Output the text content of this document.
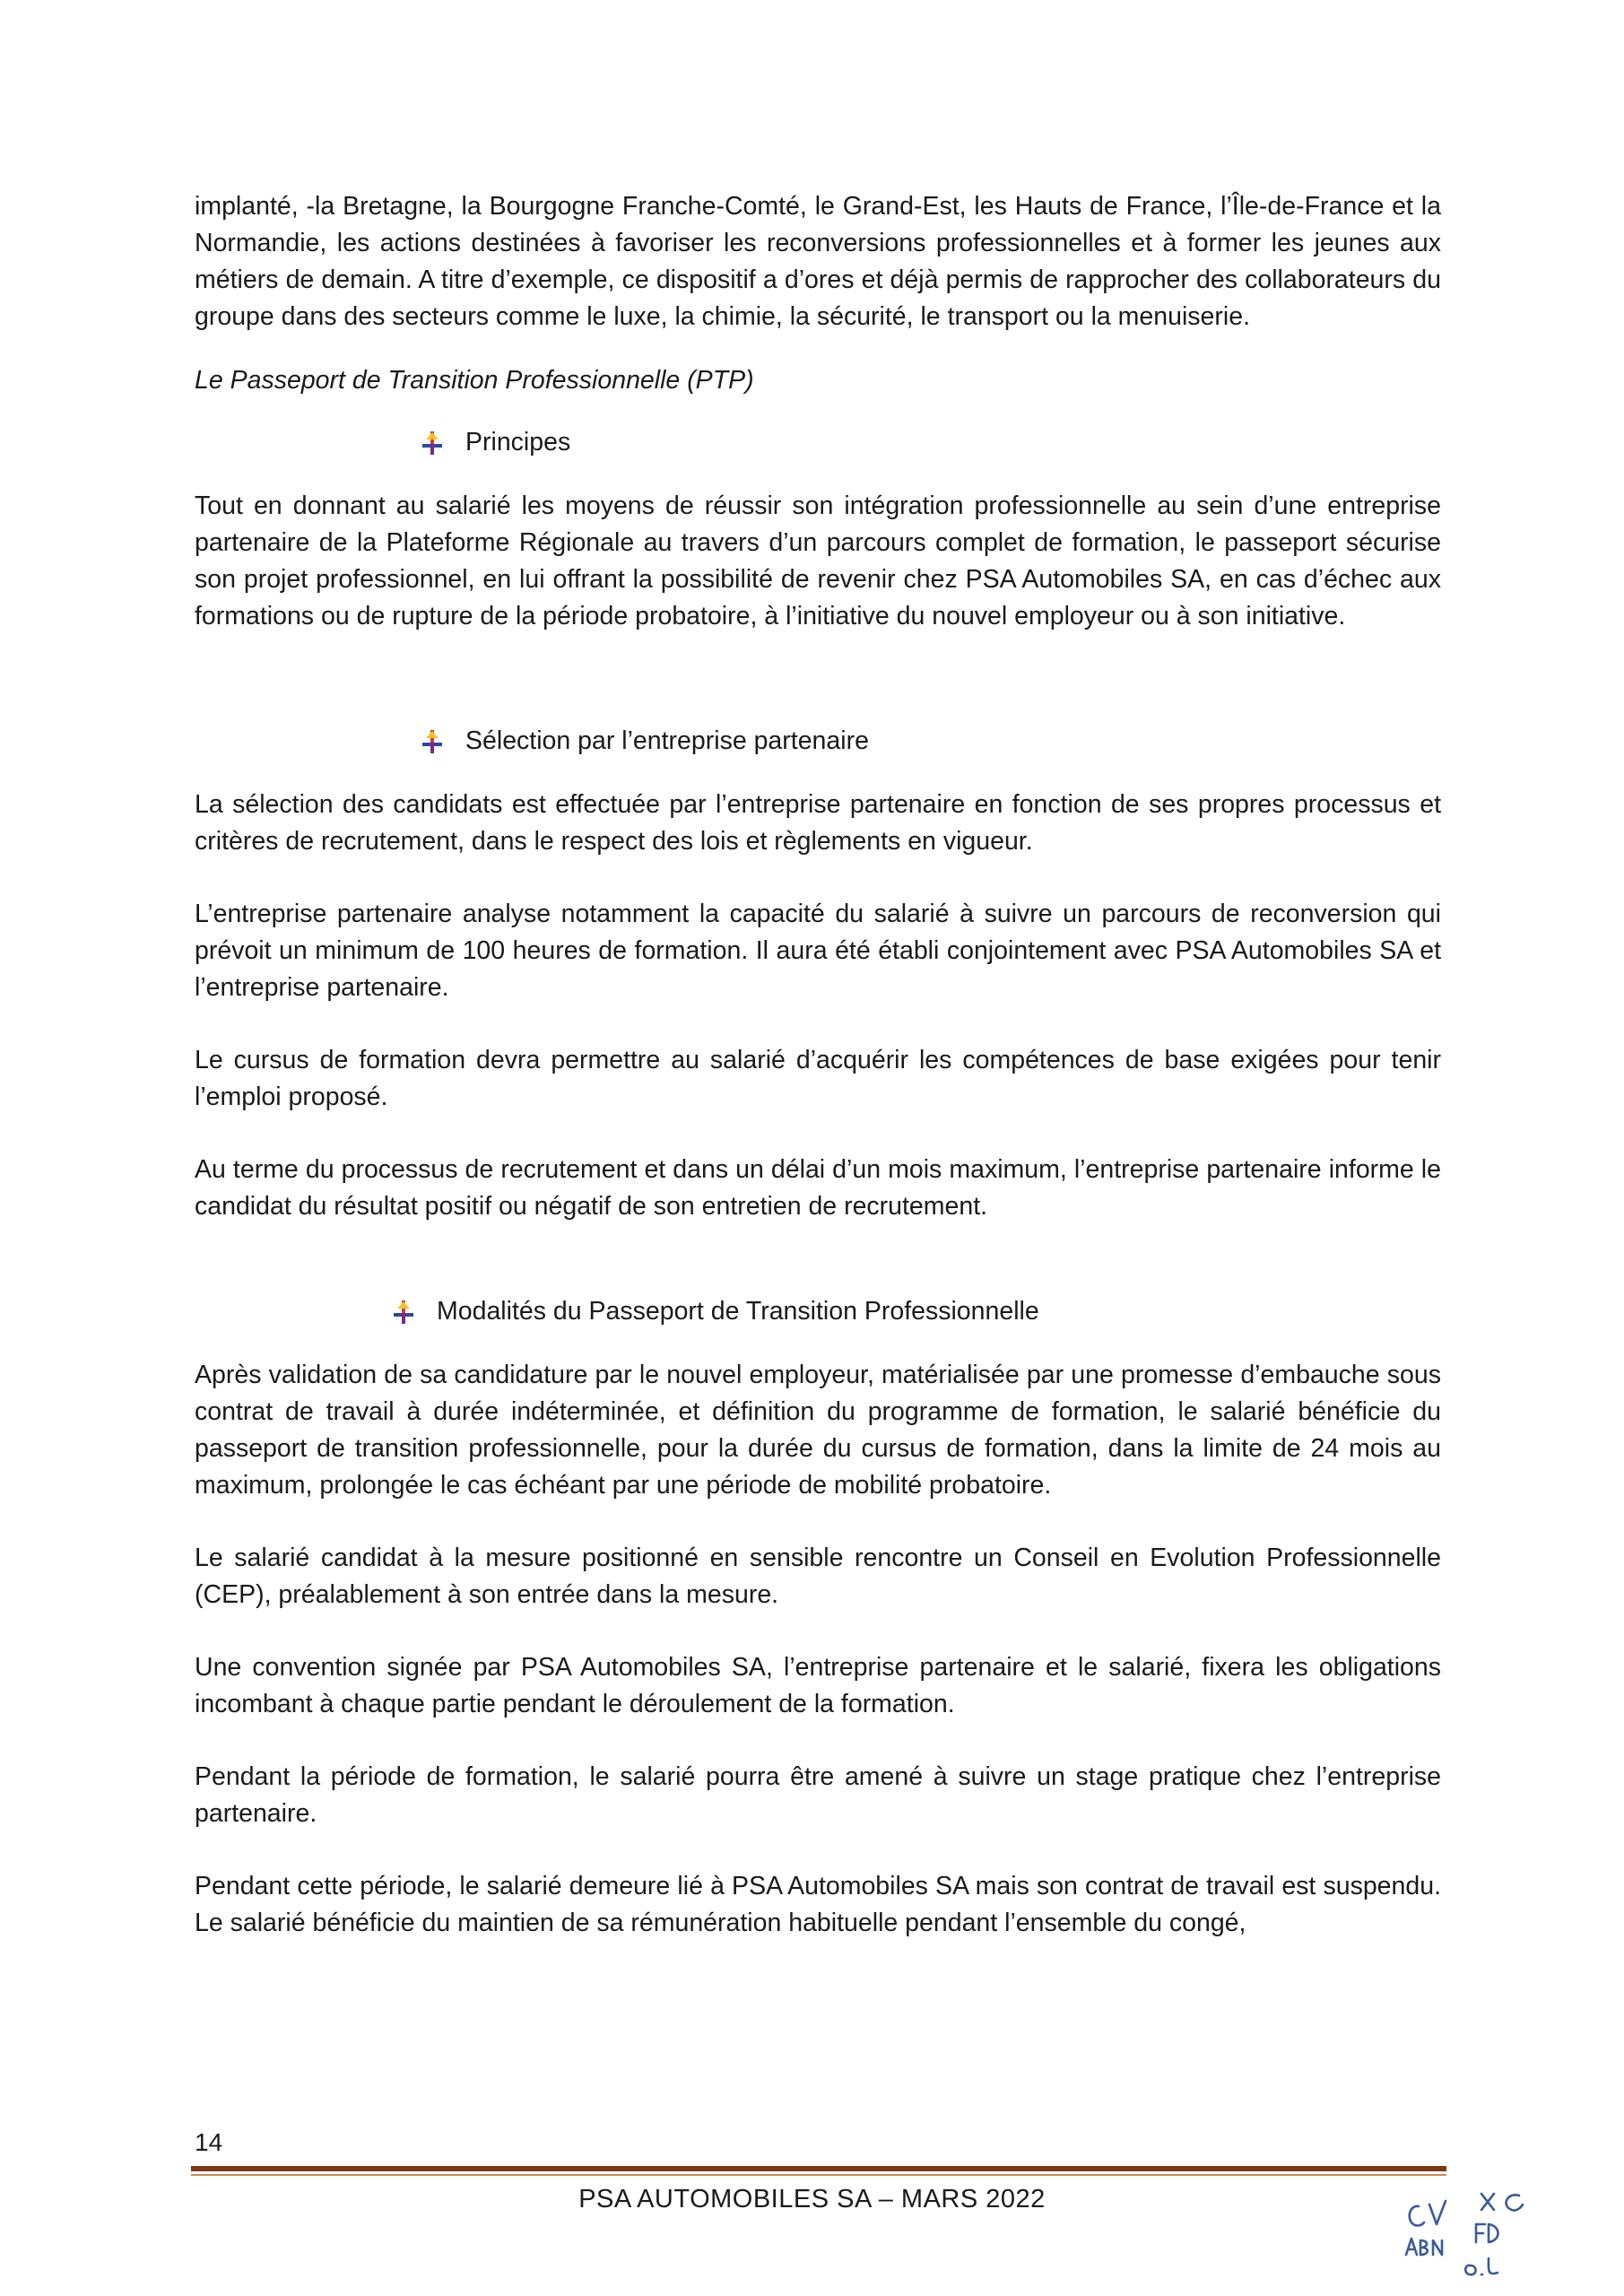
implanté, -la Bretagne, la Bourgogne Franche-Comté, le Grand-Est, les Hauts de France, l’Île-de-France et la Normandie, les actions destinées à favoriser les reconversions professionnelles et à former les jeunes aux métiers de demain. A titre d’exemple, ce dispositif a d’ores et déjà permis de rapprocher des collaborateurs du groupe dans des secteurs comme le luxe, la chimie, la sécurité, le transport ou la menuiserie.

Le Passeport de Transition Professionnelle (PTP)

Principes

Tout en donnant au salarié les moyens de réussir son intégration professionnelle au sein d’une entreprise partenaire de la Plateforme Régionale au travers d’un parcours complet de formation, le passeport sécurise son projet professionnel, en lui offrant la possibilité de revenir chez PSA Automobiles SA, en cas d’échec aux formations ou de rupture de la période probatoire, à l’initiative du nouvel employeur ou à son initiative.

Sélection par l’entreprise partenaire

La sélection des candidats est effectuée par l’entreprise partenaire en fonction de ses propres processus et critères de recrutement, dans le respect des lois et règlements en vigueur.

L’entreprise partenaire analyse notamment la capacité du salarié à suivre un parcours de reconversion qui prévoit un minimum de 100 heures de formation. Il aura été établi conjointement avec PSA Automobiles SA et l’entreprise partenaire.

Le cursus de formation devra permettre au salarié d’acquérir les compétences de base exigées pour tenir l’emploi proposé.

Au terme du processus de recrutement et dans un délai d’un mois maximum, l’entreprise partenaire informe le candidat du résultat positif ou négatif de son entretien de recrutement.

Modalités du Passeport de Transition Professionnelle

Après validation de sa candidature par le nouvel employeur, matérialisée par une promesse d’embauche sous contrat de travail à durée indéterminée, et définition du programme de formation, le salarié bénéficie du passeport de transition professionnelle, pour la durée du cursus de formation, dans la limite de 24 mois au maximum, prolongée le cas échéant par une période de mobilité probatoire.

Le salarié candidat à la mesure positionné en sensible rencontre un Conseil en Evolution Professionnelle (CEP), préalablement à son entrée dans la mesure.

Une convention signée par PSA Automobiles SA, l’entreprise partenaire et le salarié, fixera les obligations incombant à chaque partie pendant le déroulement de la formation.

Pendant la période de formation, le salarié pourra être amené à suivre un stage pratique chez l’entreprise partenaire.

Pendant cette période, le salarié demeure lié à PSA Automobiles SA mais son contrat de travail est suspendu. Le salarié bénéficie du maintien de sa rémunération habituelle pendant l’ensemble du congé,

14
PSA AUTOMOBILES SA – MARS 2022
